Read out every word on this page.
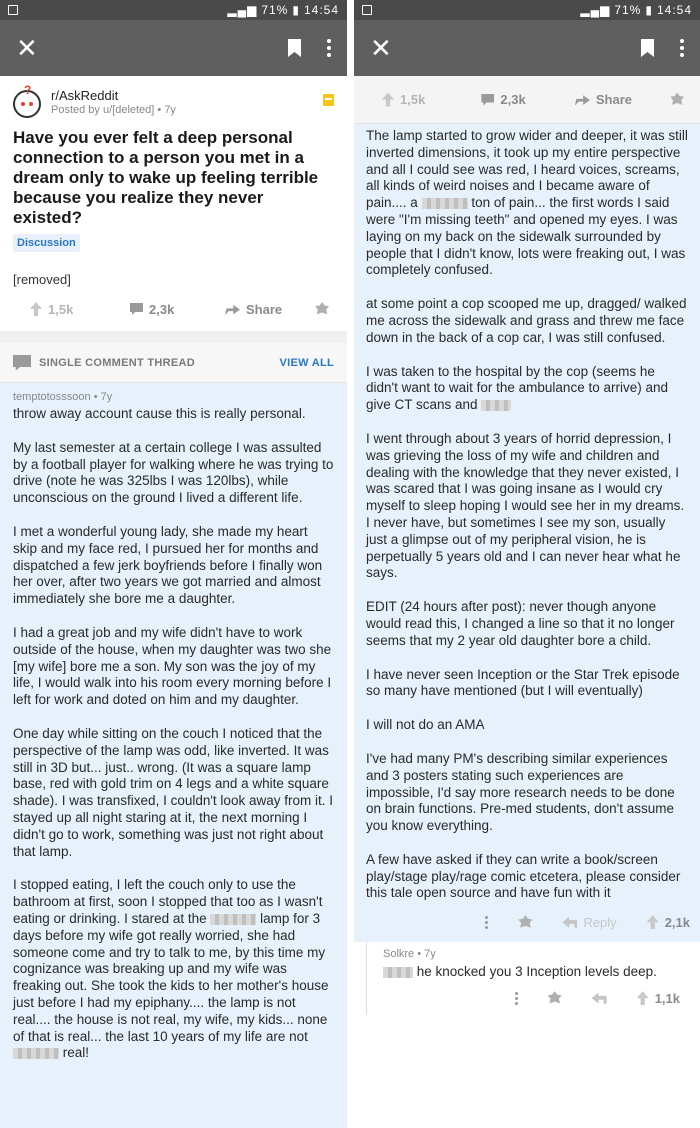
▂▄▆ 71% ▮ 14:54
✕
? r/AskReddit
Posted by u/[deleted] • 7y
Have you ever felt a deep personal connection to a person you met in a dream only to wake up feeling terrible because you realize they never existed?
Discussion
[removed]
1,5k	2,3k	Share
SINGLE COMMENT THREAD	VIEW ALL
temptotosssoon • 7y

throw away account cause this is really personal.

My last semester at a certain college I was assulted by a football player for walking where he was trying to drive (note he was 325lbs I was 120lbs), while unconscious on the ground I lived a different life.

I met a wonderful young lady, she made my heart skip and my face red, I pursued her for months and dispatched a few jerk boyfriends before I finally won her over, after two years we got married and almost immediately she bore me a daughter.

I had a great job and my wife didn't have to work outside of the house, when my daughter was two she [my wife] bore me a son. My son was the joy of my life, I would walk into his room every morning before I left for work and doted on him and my daughter.

One day while sitting on the couch I noticed that the perspective of the lamp was odd, like inverted. It was still in 3D but... just.. wrong. (It was a square lamp base, red with gold trim on 4 legs and a white square shade). I was transfixed, I couldn't look away from it. I stayed up all night staring at it, the next morning I didn't go to work, something was just not right about that lamp.

I stopped eating, I left the couch only to use the bathroom at first, soon I stopped that too as I wasn't eating or drinking. I stared at the	lamp for 3 days before my wife got really worried, she had someone come and try to talk to me, by this time my cognizance was breaking up and my wife was freaking out. She took the kids to her mother's house just before I had my epiphany.... the lamp is not real.... the house is not real, my wife, my kids... none of that is real... the last 10 years of my life are not  real!

▂▄▆ 71% ▮ 14:54
✕
1,5k	2,3k	Share

The lamp started to grow wider and deeper, it was still inverted dimensions, it took up my entire perspective and all I could see was red, I heard voices, screams, all kinds of weird noises and I became aware of pain.... a	ton of pain... the first words I said were "I'm missing teeth" and opened my eyes. I was laying on my back on the sidewalk surrounded by people that I didn't know, lots were freaking out, I was completely confused.

at some point a cop scooped me up, dragged/ walked me across the sidewalk and grass and threw me face down in the back of a cop car, I was still confused.

I was taken to the hospital by the cop (seems he didn't want to wait for the ambulance to arrive) and give CT scans and

I went through about 3 years of horrid depression, I was grieving the loss of my wife and children and dealing with the knowledge that they never existed, I was scared that I was going insane as I would cry myself to sleep hoping I would see her in my dreams. I never have, but sometimes I see my son, usually just a glimpse out of my peripheral vision, he is perpetually 5 years old and I can never hear what he says.

EDIT (24 hours after post): never though anyone would read this, I changed a line so that it no longer seems that my 2 year old daughter bore a child.

I have never seen Inception or the Star Trek episode so many have mentioned (but I will eventually)

I will not do an AMA

I've had many PM's describing similar experiences and 3 posters stating such experiences are impossible, I'd say more research needs to be done on brain functions. Pre-med students, don't assume you know everything.

A few have asked if they can write a book/screen play/stage play/rage comic etcetera, please consider this tale open source and have fun with it

Reply	2,1k
Solkre • 7y
he knocked you 3 Inception levels deep.
1,1k
